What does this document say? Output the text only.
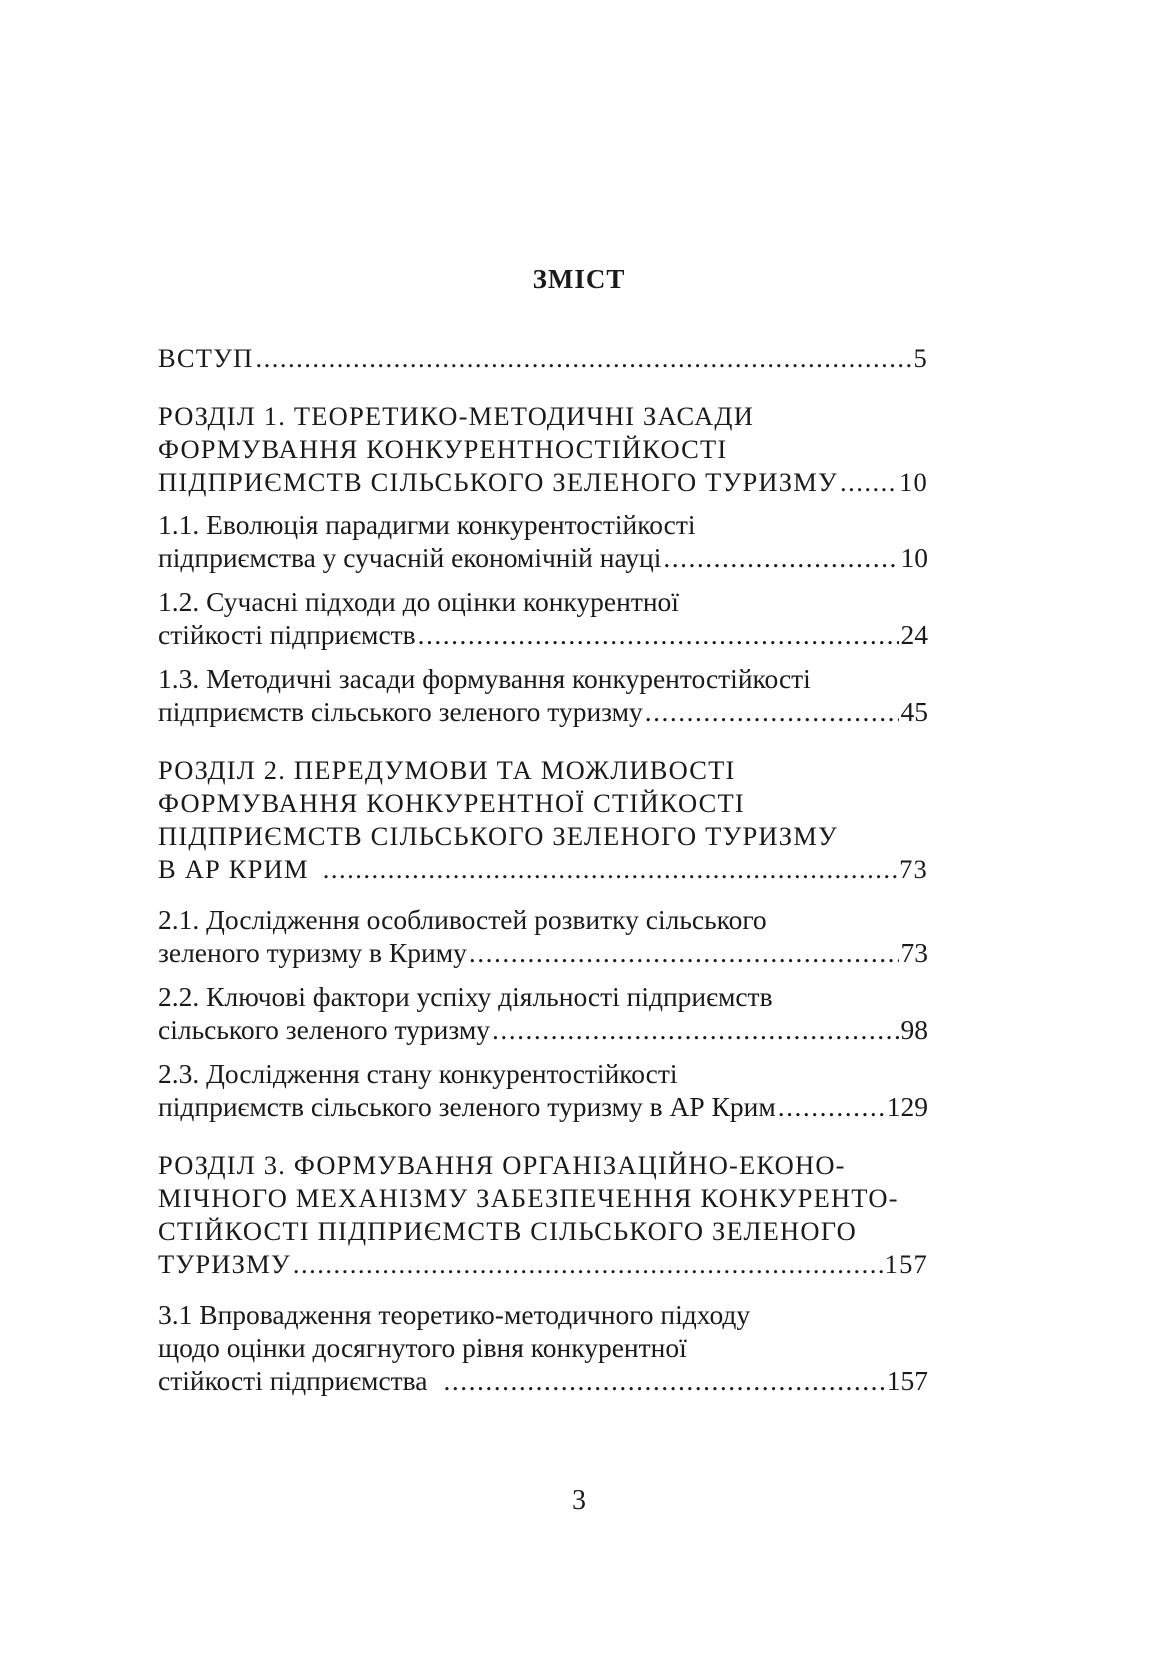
ЗМІСТ
ВСТУП .....	5
РОЗДІЛ 1. ТЕОРЕТИКО-МЕТОДИЧНІ ЗАСАДИ
ФОРМУВАННЯ КОНКУРЕНТНОСТІЙКОСТІ
ПІДПРИЄМСТВ СІЛЬСЬКОГО ЗЕЛЕНОГО ТУРИЗМУ ..... 10
1.1. Еволюція парадигми конкурентостійкості
підприємства у сучасній економічній науці .....	10
1.2. Сучасні підходи до оцінки конкурентної
стійкості підприємств .....	24
1.3. Методичні засади формування конкурентостійкості
підприємств сільського зеленого туризму .....	45
РОЗДІЛ 2. ПЕРЕДУМОВИ ТА МОЖЛИВОСТІ
ФОРМУВАННЯ КОНКУРЕНТНОЇ СТІЙКОСТІ
ПІДПРИЄМСТВ СІЛЬСЬКОГО ЗЕЛЕНОГО ТУРИЗМУ
В АР КРИМ .....	73
2.1. Дослідження особливостей розвитку сільського
зеленого туризму в Криму .....	73
2.2. Ключові фактори успіху діяльності підприємств
сільського зеленого туризму .....	98
2.3. Дослідження стану конкурентостійкості
підприємств сільського зеленого туризму в АР Крим .....	129
РОЗДІЛ 3. ФОРМУВАННЯ ОРГАНІЗАЦІЙНО-ЕКОНО-
МІЧНОГО МЕХАНІЗМУ ЗАБЕЗПЕЧЕННЯ КОНКУРЕНТО-
СТІЙКОСТІ ПІДПРИЄМСТВ СІЛЬСЬКОГО ЗЕЛЕНОГО
ТУРИЗМУ .....	157
3.1 Впровадження теоретико-методичного підходу
щодо оцінки досягнутого рівня конкурентної
стійкості підприємства .....	157
3
